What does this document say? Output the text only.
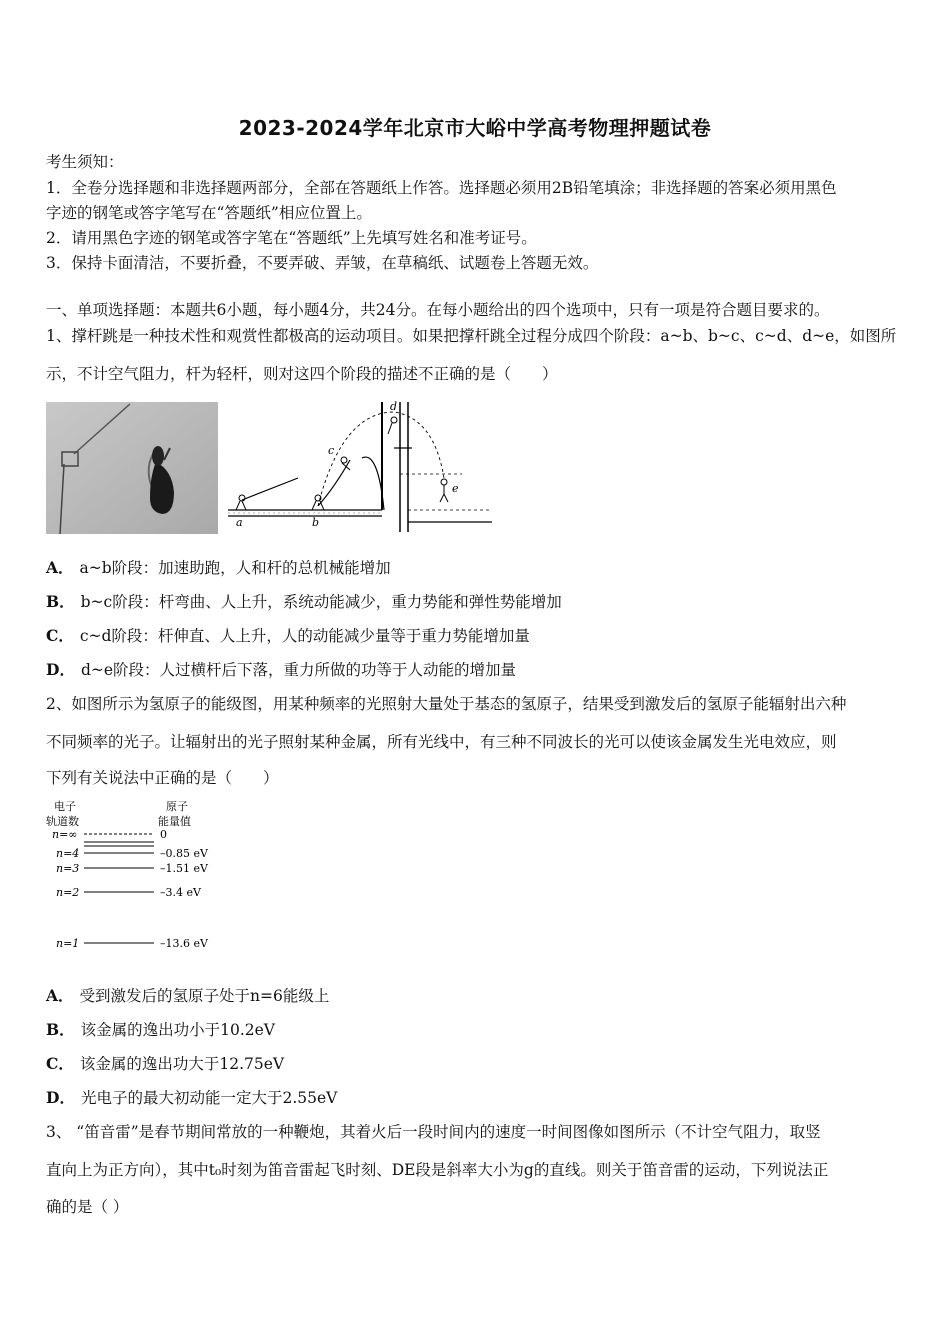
2023-2024学年北京市大峪中学高考物理押题试卷
考生须知：
1．全卷分选择题和非选择题两部分，全部在答题纸上作答。选择题必须用2B铅笔填涂；非选择题的答案必须用黑色
字迹的钢笔或答字笔写在“答题纸”相应位置上。
2．请用黑色字迹的钢笔或答字笔在“答题纸”上先填写姓名和准考证号。
3．保持卡面清洁，不要折叠，不要弄破、弄皱，在草稿纸、试题卷上答题无效。
一、单项选择题：本题共6小题，每小题4分，共24分。在每小题给出的四个选项中，只有一项是符合题目要求的。
1、撑杆跳是一种技术性和观赏性都极高的运动项目。如果把撑杆跳全过程分成四个阶段：a~b、b~c、c~d、d~e，如图所
示，不计空气阻力，杆为轻杆，则对这四个阶段的描述不正确的是（　　）
a	b
c
d
e
A． a~b阶段：加速助跑，人和杆的总机械能增加
B． b~c阶段：杆弯曲、人上升，系统动能减少，重力势能和弹性势能增加
C． c~d阶段：杆伸直、人上升，人的动能减少量等于重力势能增加量
D． d~e阶段：人过横杆后下落，重力所做的功等于人动能的增加量
2、如图所示为氢原子的能级图，用某种频率的光照射大量处于基态的氢原子，结果受到激发后的氢原子能辐射出六种
不同频率的光子。让辐射出的光子照射某种金属，所有光线中，有三种不同波长的光可以使该金属发生光电效应，则
下列有关说法中正确的是（　　）
电子
轨道数
原子
能量值
n=∞	0
n=4	–0.85 eV
n=3	–1.51 eV
n=2	–3.4 eV
n=1	–13.6 eV
A． 受到激发后的氢原子处于n=6能级上
B． 该金属的逸出功小于10.2eV
C． 该金属的逸出功大于12.75eV
D． 光电子的最大初动能一定大于2.55eV
3、 “笛音雷”是春节期间常放的一种鞭炮，其着火后一段时间内的速度一时间图像如图所示（不计空气阻力，取竖
直向上为正方向），其中t₀时刻为笛音雷起飞时刻、DE段是斜率大小为g的直线。则关于笛音雷的运动，下列说法正
确的是（ ）
